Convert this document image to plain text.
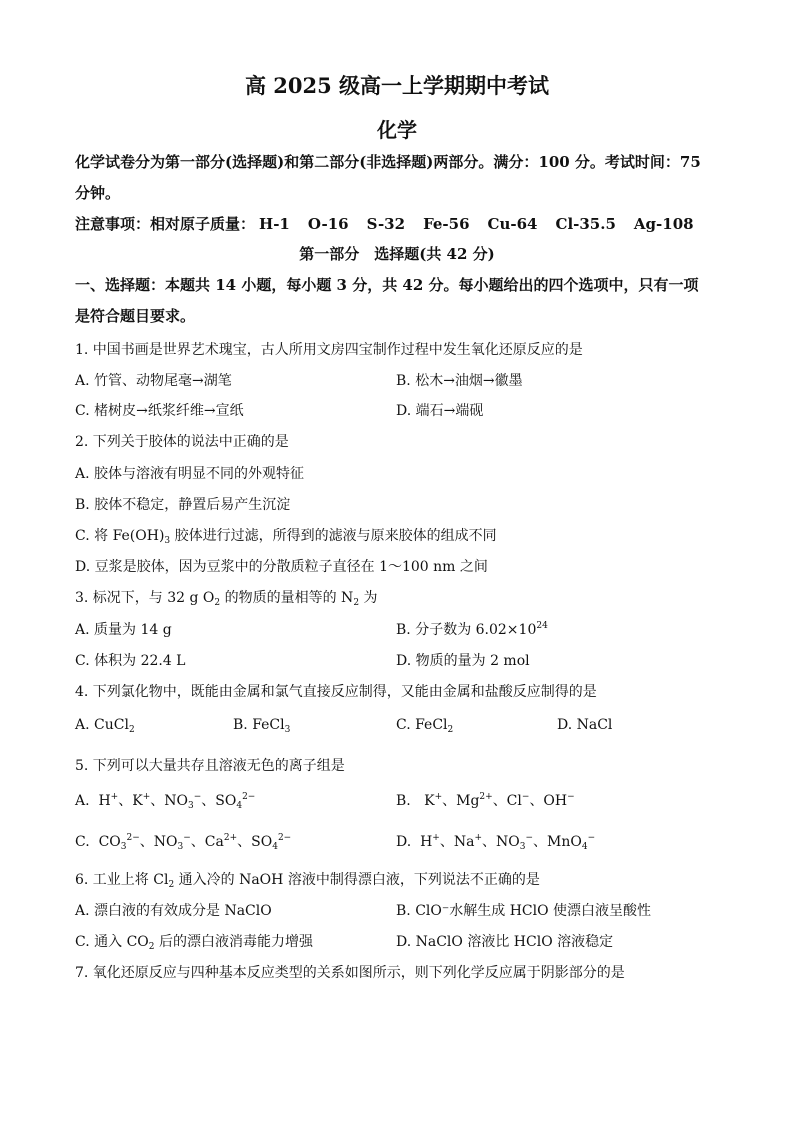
高 2025 级高一上学期期中考试
化学
化学试卷分为第一部分(选择题)和第二部分(非选择题)两部分。满分：100 分。考试时间：75
分钟。
注意事项：相对原子质量： H-1 O-16 S-32 Fe-56 Cu-64 Cl-35.5 Ag-108
第一部分　选择题(共 42 分)
一、选择题：本题共 14 小题，每小题 3 分，共 42 分。每小题给出的四个选项中，只有一项
是符合题目要求。
1. 中国书画是世界艺术瑰宝，古人所用文房四宝制作过程中发生氧化还原反应的是
A. 竹管、动物尾毫→湖笔	B. 松木→油烟→徽墨
C. 楮树皮→纸浆纤维→宣纸	D. 端石→端砚
2. 下列关于胶体的说法中正确的是
A. 胶体与溶液有明显不同的外观特征
B. 胶体不稳定，静置后易产生沉淀
C. 将 $Fe(OH)_3$ 胶体进行过滤，所得到的滤液与原来胶体的组成不同
D. 豆浆是胶体，因为豆浆中的分散质粒子直径在 1～100 nm 之间
3. 标况下，与 32 g $O_2$ 的物质的量相等的 $N_2$ 为
A. 质量为 14 g	B. 分子数为 $6.02\times 10^{24}$
C. 体积为 22.4 L	D. 物质的量为 2 mol
4. 下列氯化物中，既能由金属和氯气直接反应制得，又能由金属和盐酸反应制得的是
A. CuCl$_2$	B. FeCl$_3$	C. FeCl$_2$	D. NaCl
5. 下列可以大量共存且溶液无色的离子组是
A.  H+、K+、$NO_3^-$、$SO_4^{2-}$	B.   K+、$Mg^{2+}$、Cl−、OH−
C.  $CO_3^{2-}$、$NO_3^-$、$Ca^{2+}$、$SO_4^{2-}$	D.  H+、Na+、$NO_3^-$、MnO$_4$−
6. 工业上将 $Cl_2$ 通入冷的 NaOH 溶液中制得漂白液，下列说法不正确的是
A. 漂白液的有效成分是 NaClO	B. ClO⁻水解生成 HClO 使漂白液呈酸性
C. 通入 $CO_2$ 后的漂白液消毒能力增强	D. NaClO 溶液比 HClO 溶液稳定
7. 氧化还原反应与四种基本反应类型的关系如图所示，则下列化学反应属于阴影部分的是
